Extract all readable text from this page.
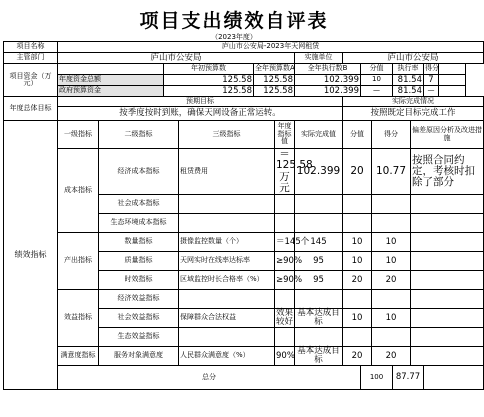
项目支出绩效自评表
（2023年度）
项目名称	庐山市公安局-2023年天网租赁													
主管部门	庐山市公安局						实施单位	庐山市公安局						
项目资金（万元）			年初预算数		全年预算数A		全年执行数B		分值		执行率		得分	
	年度资金总额		125.58		125.58		102.399		10		81.54		7	
	政府预算资金		125.58		125.58		102.399		—		81.54		—	
年度总体目标	预期目标							实际完成情况						
	按季度按时到账，确保天网设备正常运转。							按照既定目标完成工作						
绩效指标	一级指标	二级指标		三级指标		年度指标值	实际完成值	分值		得分		偏差原因分析及改进措施		
	成本指标	经济成本指标		租赁费用		＝125.58万元	102.399	20		10.77		按照合同约定，考核时扣除了部分		
		社会成本指标												
		生态环境成本指标												
	产出指标	数量指标		摄像监控数量（个）		＝145个	145	10		10				
		质量指标		天网实时在线率达标率		≥90%	95	10		10				
		时效指标		区域监控时长合格率（%）		≥90%	95	20		20				
	效益指标	经济效益指标												
		社会效益指标		保障群众合法权益		效果较好	基本达成目标	10		10				
		生态效益指标												
	满意度指标	服务对象满意度		人民群众满意度（%）		90%	基本达成目标	20		20				
	总分								100		87.77			
